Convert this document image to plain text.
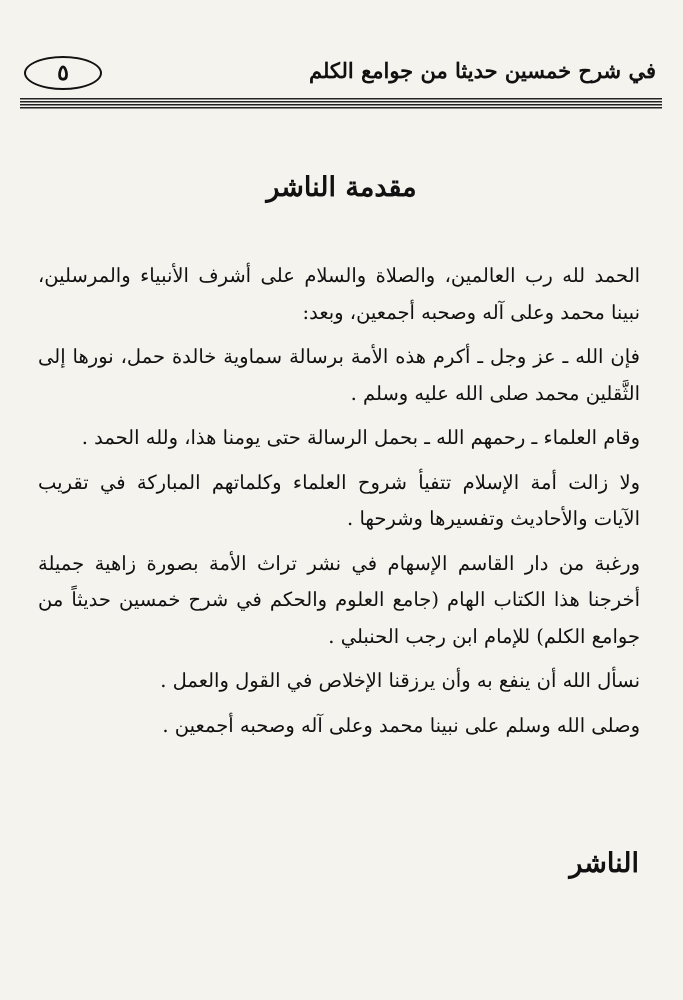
٥	في شرح خمسين حديثا من جوامع الكلم
مقدمة الناشر

الحمد لله رب العالمين، والصلاة والسلام على أشرف الأنبياء والمرسلين، نبينا محمد وعلى آله وصحبه أجمعين، وبعد:

فإن الله ـ عز وجل ـ أكرم هذه الأمة برسالة سماوية خالدة حمل، نورها إلى الثَّقلين محمد صلى الله عليه وسلم .

وقام العلماء ـ رحمهم الله ـ بحمل الرسالة حتى يومنا هذا، ولله الحمد .

ولا زالت أمة الإسلام تتفيأ شروح العلماء وكلماتهم المباركة في تقريب الآيات والأحاديث وتفسيرها وشرحها .

ورغبة من دار القاسم الإسهام في نشر تراث الأمة بصورة زاهية جميلة أخرجنا هذا الكتاب الهام (جامع العلوم والحكم في شرح خمسين حديثاً من جوامع الكلم) للإمام ابن رجب الحنبلي .

نسأل الله أن ينفع به وأن يرزقنا الإخلاص في القول والعمل .

وصلى الله وسلم على نبينا محمد وعلى آله وصحبه أجمعين .

الناشر
